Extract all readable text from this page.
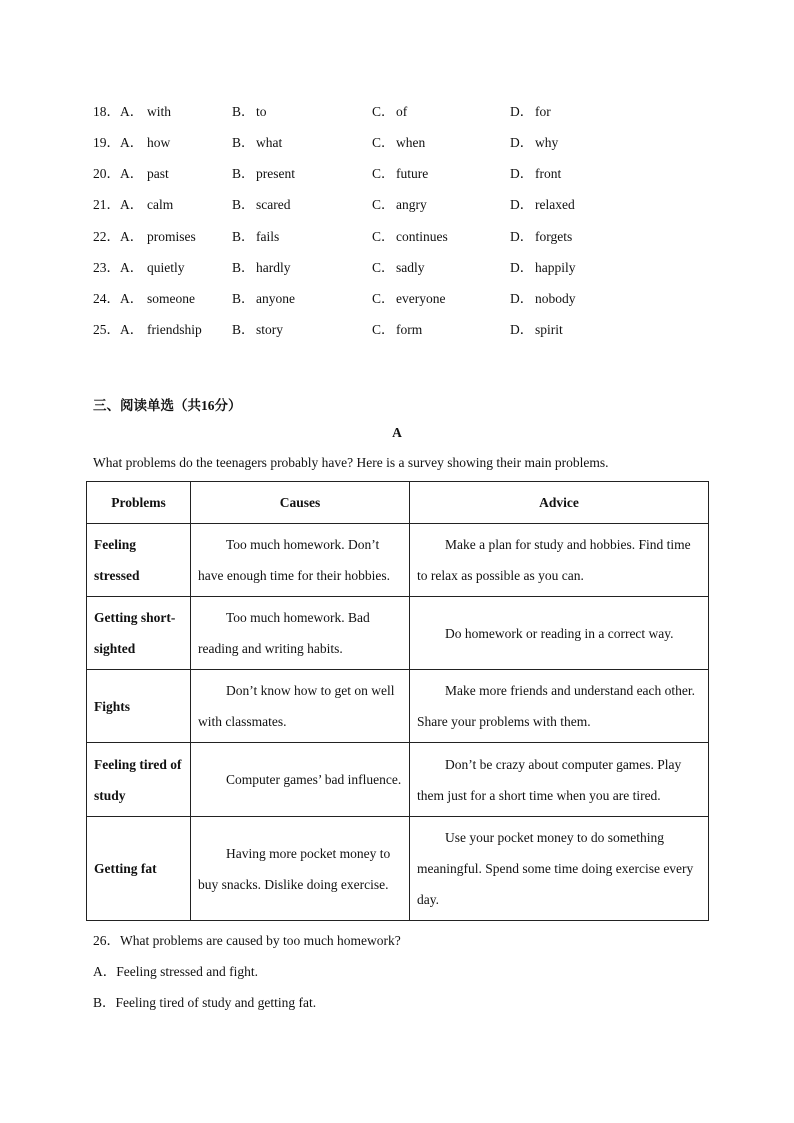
18．A． with	B． to	C． of	D． for
19．A． how	B． what	C． when	D． why
20．A． past	B． present	C． future	D． front
21．A． calm	B． scared	C． angry	D． relaxed
22．A． promises	B． fails	C． continues	D． forgets
23．A． quietly	B． hardly	C． sadly	D． happily
24．A． someone	B． anyone	C． everyone	D． nobody
25．A． friendship B． story	C． form	D． spirit
三、阅读单选（共16分）
A
What problems do the teenagers probably have? Here is a survey showing their main problems.
Problems	Causes	Advice
Feeling stressed	Too much homework. Don’t have enough time for their hobbies.	Make a plan for study and hobbies. Find time to relax as possible as you can.
Getting short-sighted	Too much homework. Bad reading and writing habits.	Do homework or reading in a correct way.
Fights	Don’t know how to get on well with classmates.	Make more friends and understand each other. Share your problems with them.
Feeling tired of study	Computer games’ bad influence.	Don’t be crazy about computer games. Play them just for a short time when you are tired.
Getting fat	Having more pocket money to buy snacks. Dislike doing exercise.	Use your pocket money to do something meaningful. Spend some time doing exercise every day.
26．What problems are caused by too much homework?
A．Feeling stressed and fight.
B．Feeling tired of study and getting fat.
